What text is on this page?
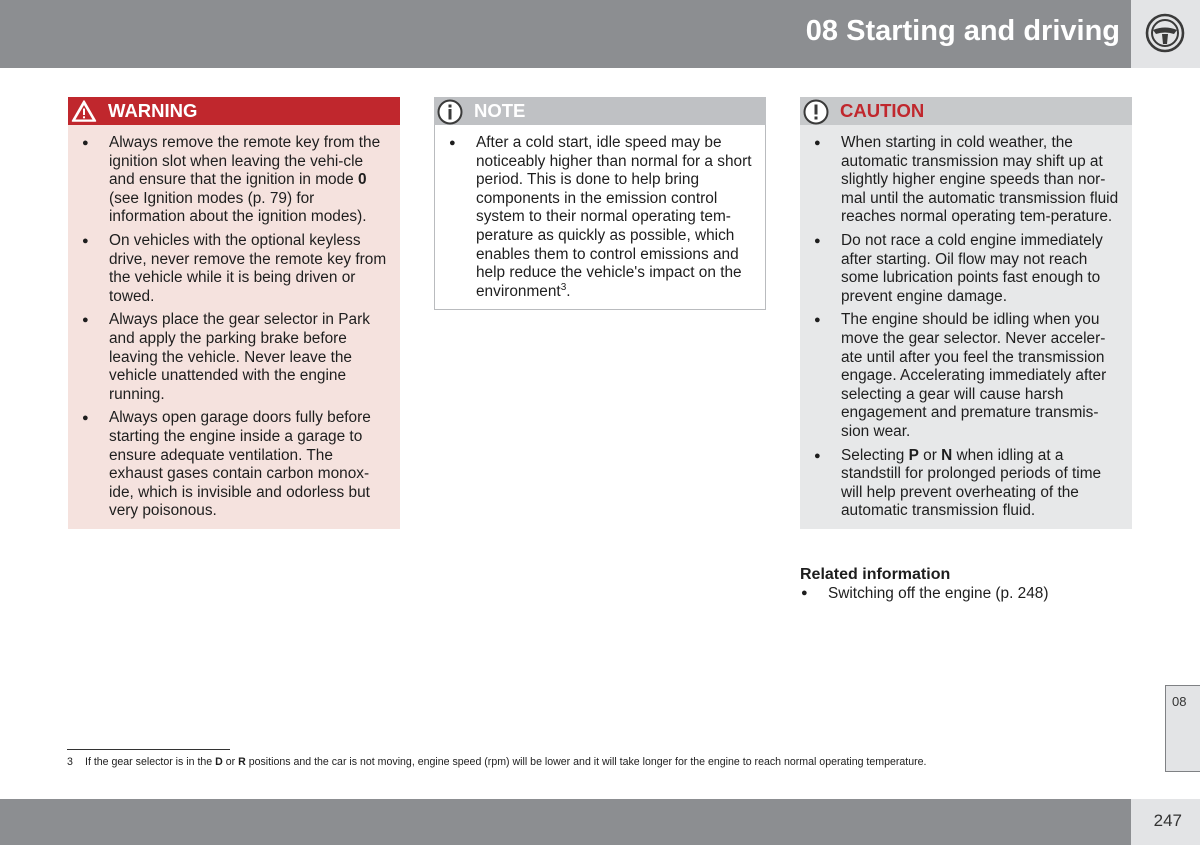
08 Starting and driving
WARNING
● Always remove the remote key from the ignition slot when leaving the vehi-cle and ensure that the ignition in mode 0 (see Ignition modes (p. 79) for information about the ignition modes).
● On vehicles with the optional keyless drive, never remove the remote key from the vehicle while it is being driven or towed.
● Always place the gear selector in Park and apply the parking brake before leaving the vehicle. Never leave the vehicle unattended with the engine running.
● Always open garage doors fully before starting the engine inside a garage to ensure adequate ventilation. The exhaust gases contain carbon monox-ide, which is invisible and odorless but very poisonous.
NOTE
● After a cold start, idle speed may be noticeably higher than normal for a short period. This is done to help bring components in the emission control system to their normal operating tem-perature as quickly as possible, which enables them to control emissions and help reduce the vehicle's impact on the environment$^3$.
CAUTION
● When starting in cold weather, the automatic transmission may shift up at slightly higher engine speeds than nor-mal until the automatic transmission fluid reaches normal operating tem-perature.
● Do not race a cold engine immediately after starting. Oil flow may not reach some lubrication points fast enough to prevent engine damage.
● The engine should be idling when you move the gear selector. Never acceler-ate until after you feel the transmission engage. Accelerating immediately after selecting a gear will cause harsh engagement and premature transmis-sion wear.
● Selecting P or N when idling at a standstill for prolonged periods of time will help prevent overheating of the automatic transmission fluid.
Related information
● Switching off the engine (p. 248)
08
3 If the gear selector is in the D or R positions and the car is not moving, engine speed (rpm) will be lower and it will take longer for the engine to reach normal operating temperature.
247
